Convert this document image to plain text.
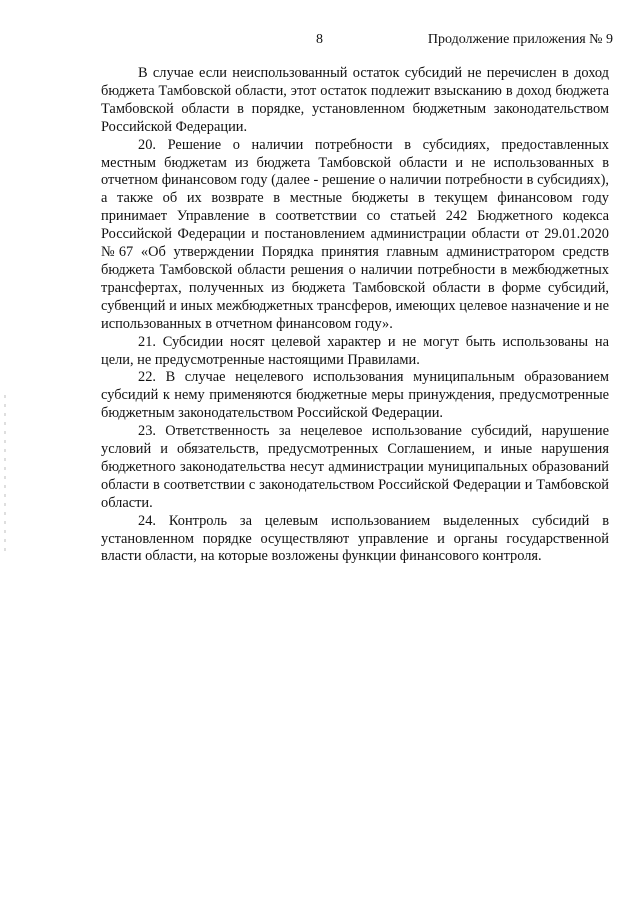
8	Продолжение приложения № 9

В случае если неиспользованный остаток субсидий не перечислен в доход бюджета Тамбовской области, этот остаток подлежит взысканию в доход бюджета Тамбовской области в порядке, установленном бюджетным законодательством Российской Федерации.

20. Решение о наличии потребности в субсидиях, предоставленных местным бюджетам из бюджета Тамбовской области и не использованных в отчетном финансовом году (далее - решение о наличии потребности в субсидиях), а также об их возврате в местные бюджеты в текущем финансовом году принимает Управление в соответствии со статьей 242 Бюджетного кодекса Российской Федерации и постановлением администрации области от 29.01.2020 №67 «Об утверждении Порядка принятия главным администратором средств бюджета Тамбовской области решения о наличии потребности в межбюджетных трансфертах, полученных из бюджета Тамбовской области в форме субсидий, субвенций и иных межбюджетных трансферов, имеющих целевое назначение и не использованных в отчетном финансовом году».

21. Субсидии носят целевой характер и не могут быть использованы на цели, не предусмотренные настоящими Правилами.

22. В случае нецелевого использования муниципальным образованием субсидий к нему применяются бюджетные меры принуждения, предусмотренные бюджетным законодательством Российской Федерации.

23. Ответственность за нецелевое использование субсидий, нарушение условий и обязательств, предусмотренных Соглашением, и иные нарушения бюджетного законодательства несут администрации муниципальных образований области в соответствии с законодательством Российской Федерации и Тамбовской области.

24. Контроль за целевым использованием выделенных субсидий в установленном порядке осуществляют управление и органы государственной власти области, на которые возложены функции финансового контроля.
